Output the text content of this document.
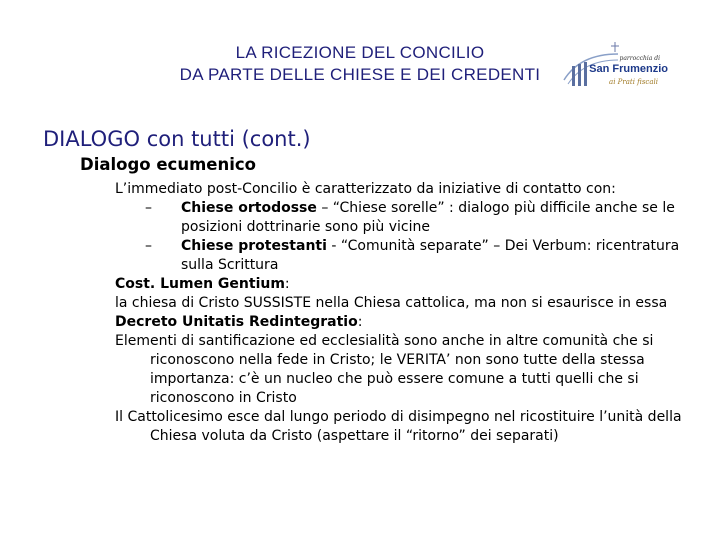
LA RICEZIONE DEL CONCILIO
DA PARTE DELLE CHIESE E DEI CREDENTI
parrocchia di
San Frumenzio
ai Prati fiscali
DIALOGO con tutti (cont.)
Dialogo ecumenico

L’immediato post-Concilio è caratterizzato da iniziative di contatto con:

–	Chiese ortodosse – “Chiese sorelle” : dialogo più difficile anche se le posizioni dottrinarie sono più vicine
–	Chiese protestanti - “Comunità separate” – Dei Verbum: ricentratura sulla Scrittura

Cost. Lumen Gentium:

la chiesa di Cristo SUSSISTE nella Chiesa cattolica, ma non si esaurisce in essa

Decreto Unitatis Redintegratio:

Elementi di santificazione ed ecclesialità sono anche in altre comunità che si riconoscono nella fede in Cristo; le VERITA’ non sono tutte della stessa importanza: c’è un nucleo che può essere comune a tutti quelli che si riconoscono in Cristo

Il Cattolicesimo esce dal lungo periodo di disimpegno nel ricostituire l’unità della Chiesa voluta da Cristo (aspettare il “ritorno” dei separati)
